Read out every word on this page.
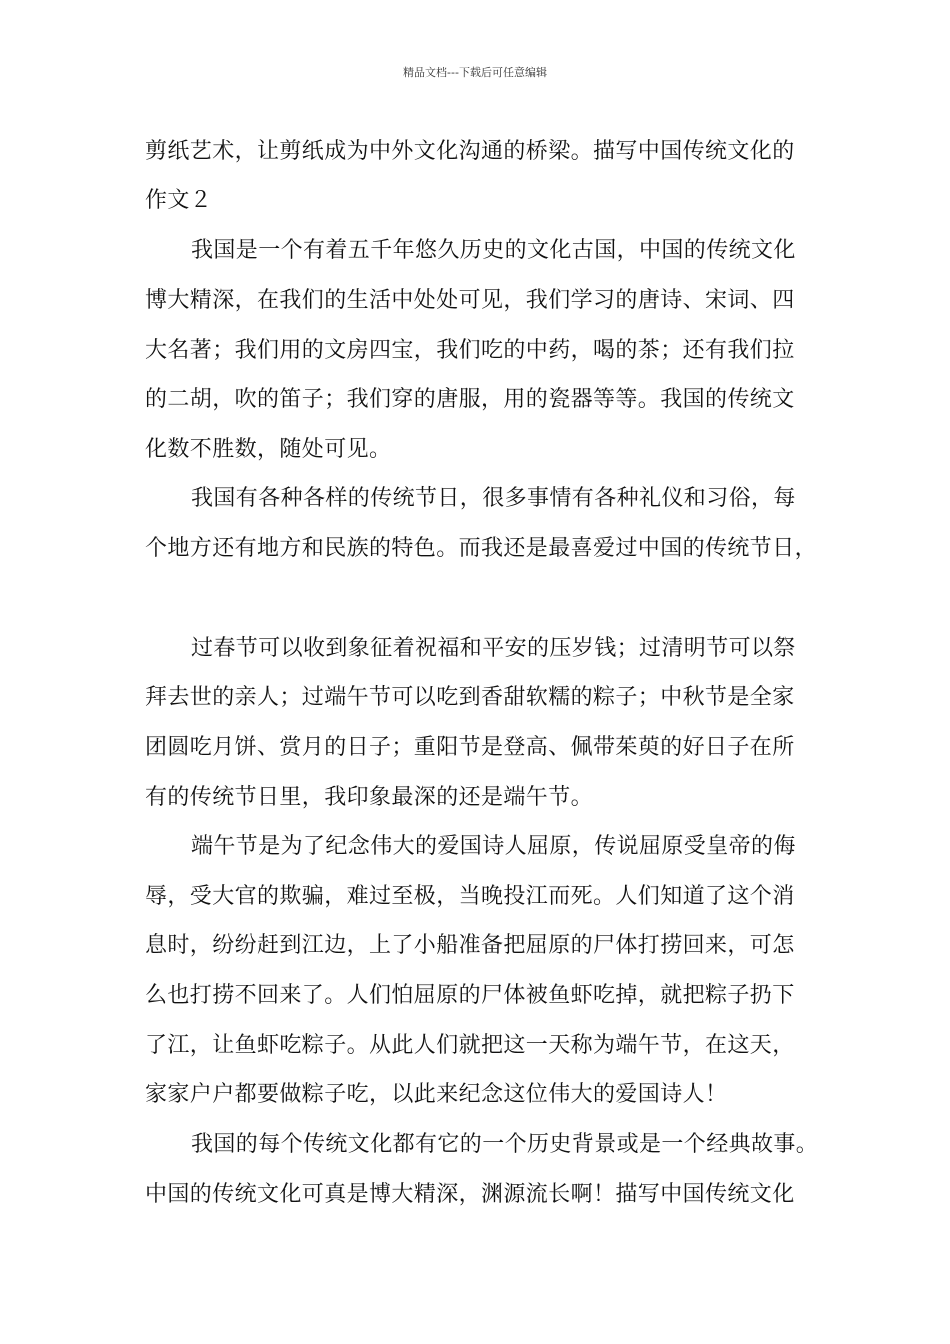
精品文档---下载后可任意编辑
剪纸艺术，让剪纸成为中外文化沟通的桥梁。描写中国传统文化的
作文２
我国是一个有着五千年悠久历史的文化古国，中国的传统文化
博大精深，在我们的生活中处处可见，我们学习的唐诗、宋词、四
大名著；我们用的文房四宝，我们吃的中药，喝的茶；还有我们拉
的二胡，吹的笛子；我们穿的唐服，用的瓷器等等。我国的传统文
化数不胜数，随处可见。
我国有各种各样的传统节日，很多事情有各种礼仪和习俗，每
个地方还有地方和民族的特色。而我还是最喜爱过中国的传统节日，
过春节可以收到象征着祝福和平安的压岁钱；过清明节可以祭
拜去世的亲人；过端午节可以吃到香甜软糯的粽子；中秋节是全家
团圆吃月饼、赏月的日子；重阳节是登高、佩带茱萸的好日子在所
有的传统节日里，我印象最深的还是端午节。
端午节是为了纪念伟大的爱国诗人屈原，传说屈原受皇帝的侮
辱，受大官的欺骗，难过至极，当晚投江而死。人们知道了这个消
息时，纷纷赶到江边，上了小船准备把屈原的尸体打捞回来，可怎
么也打捞不回来了。人们怕屈原的尸体被鱼虾吃掉，就把粽子扔下
了江，让鱼虾吃粽子。从此人们就把这一天称为端午节，在这天，
家家户户都要做粽子吃，以此来纪念这位伟大的爱国诗人！
我国的每个传统文化都有它的一个历史背景或是一个经典故事。
中国的传统文化可真是博大精深，渊源流长啊！描写中国传统文化
